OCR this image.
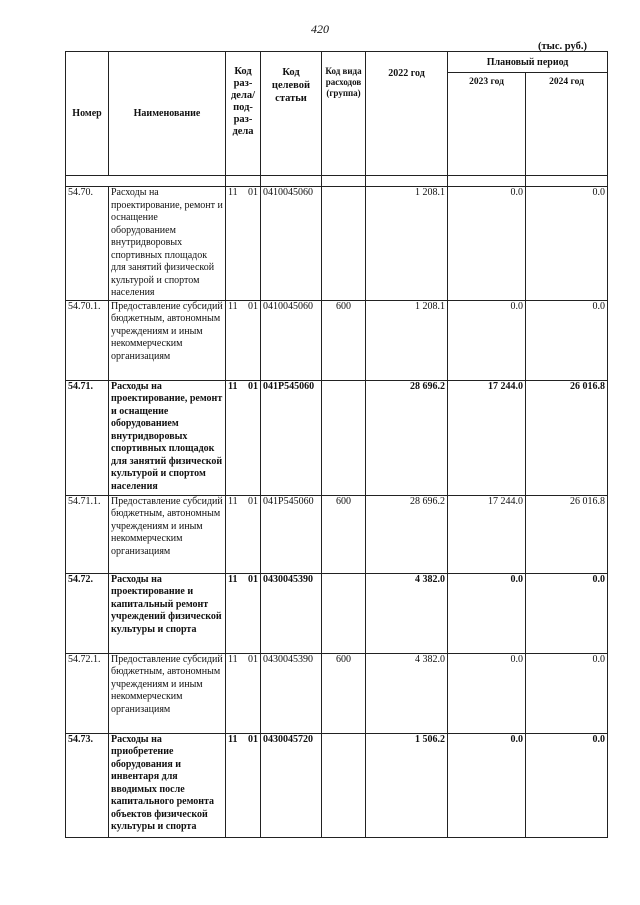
420
(тыс. руб.)
Номер	Наименование	Код раз-дела/ под-раз-дела		Код целевой статьи	Код вида расходов (группа)	2022 год	Плановый период	
							2023 год	2024 год

54.70.	Расходы на проектирование, ремонт и оснащение оборудованием внутридворовых спортивных площадок для занятий физической культурой и спортом населения	11	01	0410045060		1 208.1	0.0	0.0
54.70.1.	Предоставление субсидий бюджетным, автономным учреждениям и иным некоммерческим организациям	11	01	0410045060	600	1 208.1	0.0	0.0
54.71.	Расходы на проектирование, ремонт и оснащение оборудованием внутридворовых спортивных площадок для занятий физической культурой и спортом населения	11	01	041P545060		28 696.2	17 244.0	26 016.8
54.71.1.	Предоставление субсидий бюджетным, автономным учреждениям и иным некоммерческим организациям	11	01	041P545060	600	28 696.2	17 244.0	26 016.8
54.72.	Расходы на проектирование и капитальный ремонт учреждений физической культуры и спорта	11	01	0430045390		4 382.0	0.0	0.0
54.72.1.	Предоставление субсидий бюджетным, автономным учреждениям и иным некоммерческим организациям	11	01	0430045390	600	4 382.0	0.0	0.0
54.73.	Расходы на приобретение оборудования и инвентаря для вводимых после капитального ремонта объектов физической культуры и спорта	11	01	0430045720		1 506.2	0.0	0.0
